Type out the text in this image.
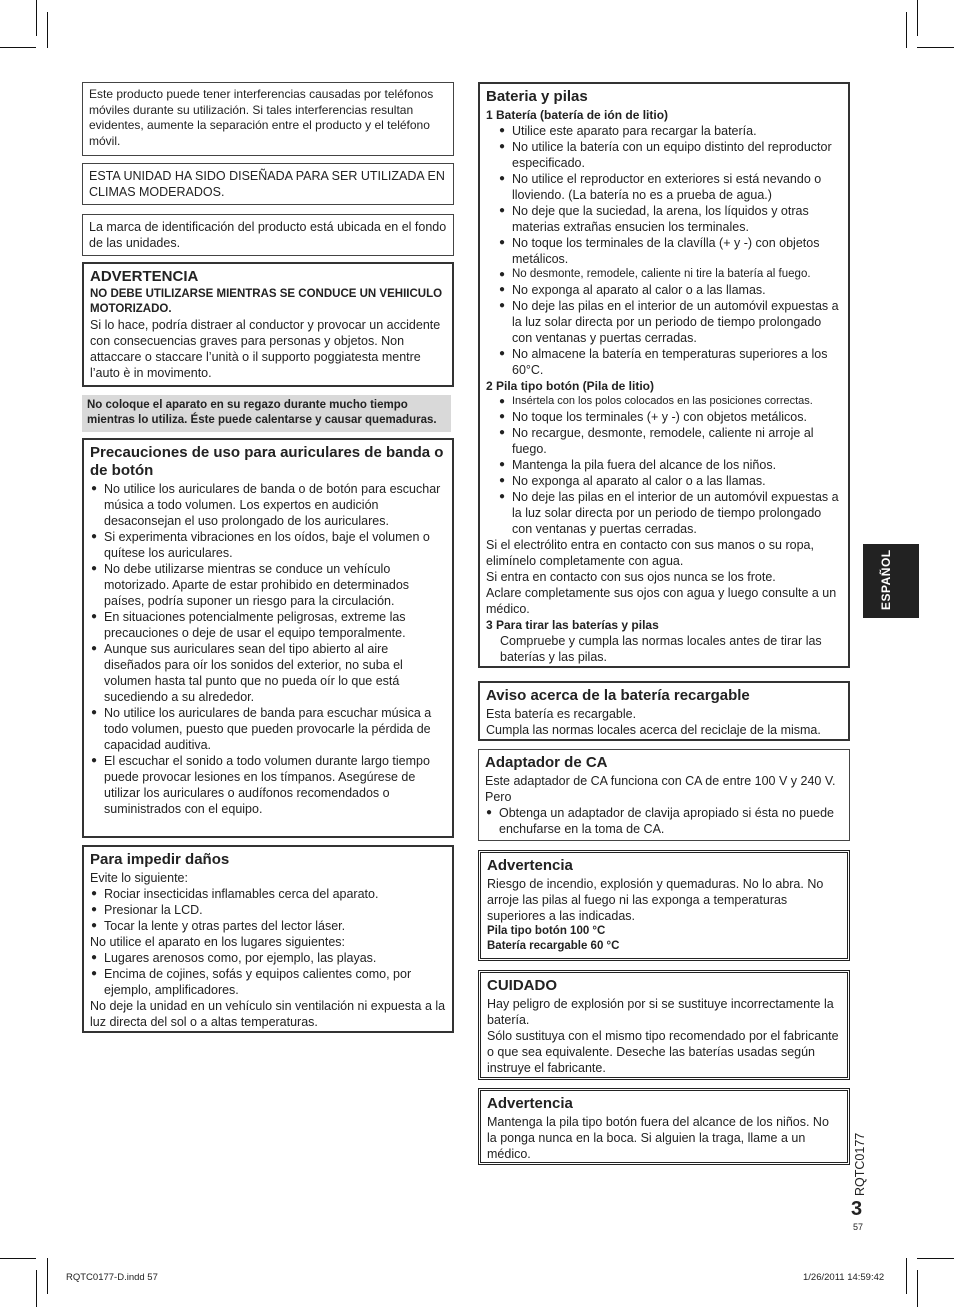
Este producto puede tener interferencias causadas por teléfonos móviles durante su utilización. Si tales interferencias resultan evidentes, aumente la separación entre el producto y el teléfono móvil.
ESTA UNIDAD HA SIDO DISEÑADA PARA SER UTILIZADA EN CLIMAS MODERADOS.
La marca de identificación del producto está ubicada en el fondo de las unidades.
ADVERTENCIA
NO DEBE UTILIZARSE MIENTRAS SE CONDUCE UN VEHIICULO MOTORIZADO.
Si lo hace, podría distraer al conductor y provocar un accidente con consecuencias graves para personas y objetos. Non attaccare o staccare l’unità o il supporto poggiatesta mentre l’auto è in movimento.
No coloque el aparato en su regazo durante mucho tiempo mientras lo utiliza. Éste puede calentarse y causar quemaduras.
Precauciones de uso para auriculares de banda o de botón
● No utilice los auriculares de banda o de botón para escuchar música a todo volumen. Los expertos en audición desaconsejan el uso prolongado de los auriculares.
● Si experimenta vibraciones en los oídos, baje el volumen o quítese los auriculares.
● No debe utilizarse mientras se conduce un vehículo motorizado. Aparte de estar prohibido en determinados países, podría suponer un riesgo para la circulación.
● En situaciones potencialmente peligrosas, extreme las precauciones o deje de usar el equipo temporalmente.
● Aunque sus auriculares sean del tipo abierto al aire diseñados para oír los sonidos del exterior, no suba el volumen hasta tal punto que no pueda oír lo que está sucediendo a su alrededor.
● No utilice los auriculares de banda para escuchar música a todo volumen, puesto que pueden provocarle la pérdida de capacidad auditiva.
● El escuchar el sonido a todo volumen durante largo tiempo puede provocar lesiones en los tímpanos. Asegúrese de utilizar los auriculares o audífonos recomendados o suministrados con el equipo.
Para impedir daños
Evite lo siguiente:
● Rociar insecticidas inflamables cerca del aparato.
● Presionar la LCD.
● Tocar la lente y otras partes del lector láser.
No utilice el aparato en los lugares siguientes:
● Lugares arenosos como, por ejemplo, las playas.
● Encima de cojines, sofás y equipos calientes como, por ejemplo, amplificadores.
No deje la unidad en un vehículo sin ventilación ni expuesta a la luz directa del sol o a altas temperaturas.
Bateria y pilas
1 Batería (batería de ión de litio)
● Utilice este aparato para recargar la batería.
● No utilice la batería con un equipo distinto del reproductor especificado.
● No utilice el reproductor en exteriores si está nevando o lloviendo. (La batería no es a prueba de agua.)
● No deje que la suciedad, la arena, los líquidos y otras materias extrañas ensucien los terminales.
● No toque los terminales de la clavílla (+ y -) con objetos metálicos.
● No desmonte, remodele, caliente ni tire la batería al fuego.
● No exponga al aparato al calor o a las llamas.
● No deje las pilas en el interior de un automóvil expuestas a la luz solar directa por un periodo de tiempo prolongado con ventanas y puertas cerradas.
● No almacene la batería en temperaturas superiores a los 60°C.
2 Pila tipo botón (Pila de litio)
● Insértela con los polos colocados en las posiciones correctas.
● No toque los terminales (+ y -) con objetos metálicos.
● No recargue, desmonte, remodele, caliente ni arroje al fuego.
● Mantenga la pila fuera del alcance de los niños.
● No exponga al aparato al calor o a las llamas.
● No deje las pilas en el interior de un automóvil expuestas a la luz solar directa por un periodo de tiempo prolongado con ventanas y puertas cerradas.
Si el electrólito entra en contacto con sus manos o su ropa, elimínelo completamente con agua.
Si entra en contacto con sus ojos nunca se los frote.
Aclare completamente sus ojos con agua y luego consulte a un médico.
3 Para tirar las baterías y pilas
Compruebe y cumpla las normas locales antes de tirar las baterías y las pilas.
Aviso acerca de la batería recargable
Esta batería es recargable.
Cumpla las normas locales acerca del reciclaje de la misma.
Adaptador de CA
Este adaptador de CA funciona con CA de entre 100 V y 240 V. Pero
● Obtenga un adaptador de clavija apropiado si ésta no puede enchufarse en la toma de CA.
Advertencia
Riesgo de incendio, explosión y quemaduras. No lo abra. No arroje las pilas al fuego ni las exponga a temperaturas superiores a las indicadas.
Pila tipo botón 100 °C
Batería recargable 60 °C
CUIDADO
Hay peligro de explosión por si se sustituye incorrectamente la batería.
Sólo sustituya con el mismo tipo recomendado por el fabricante o que sea equivalente. Deseche las baterías usadas según instruye el fabricante.
Advertencia
Mantenga la pila tipo botón fuera del alcance de los niños. No la ponga nunca en la boca. Si alguien la traga, llame a un médico.
ESPAÑOL
RQTC0177
3
57
RQTC0177-D.indd 57	1/26/2011 14:59:42
